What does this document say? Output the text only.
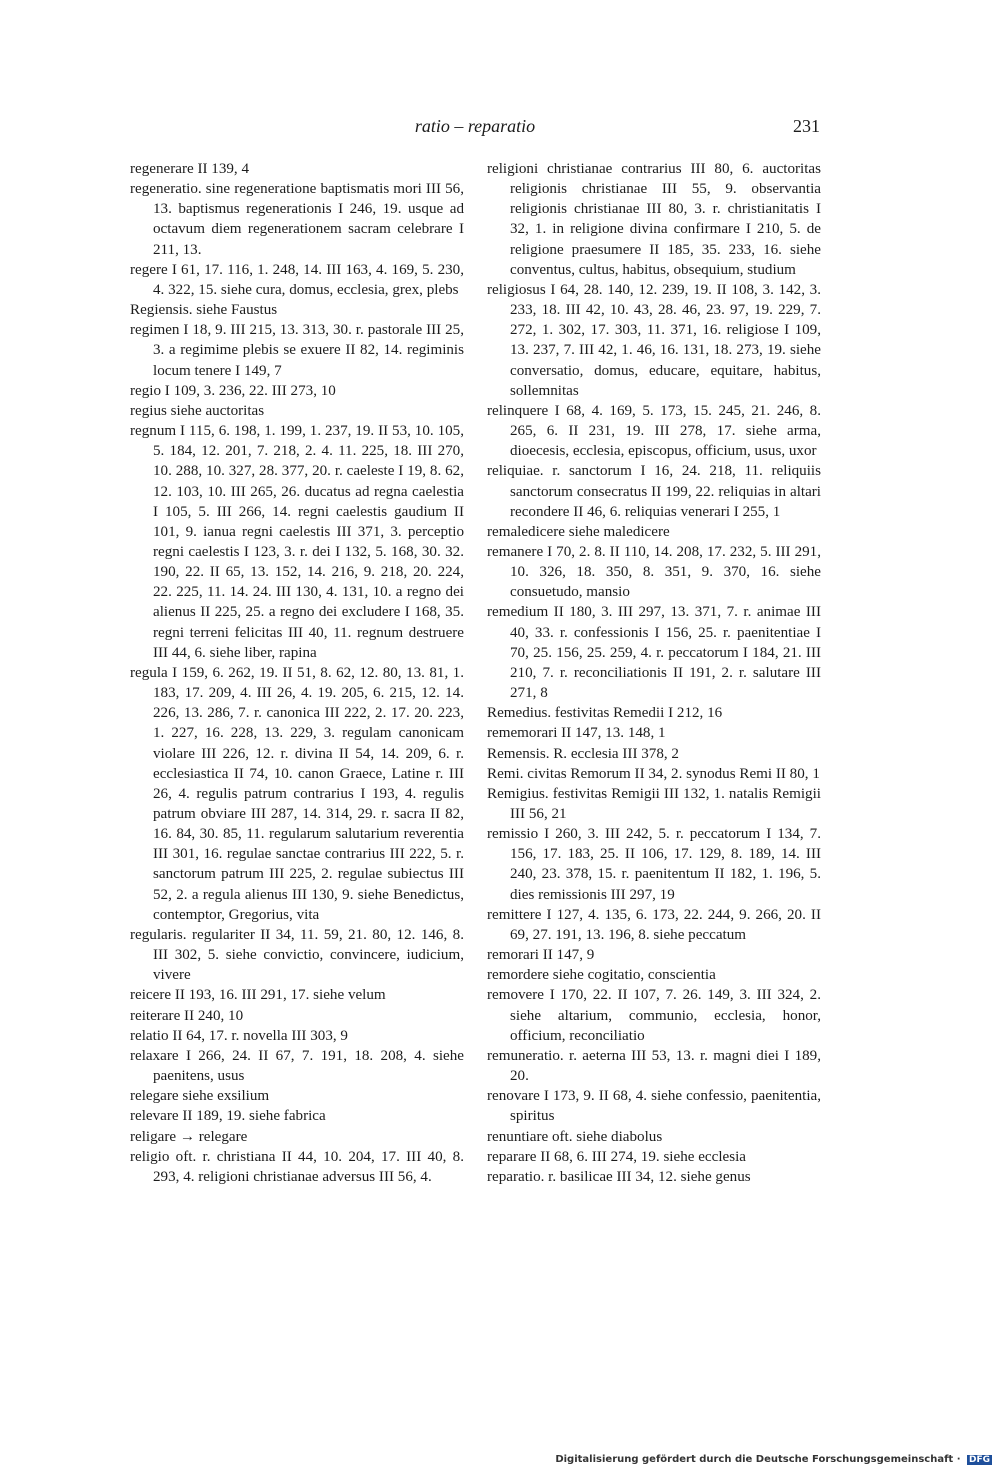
ratio – reparatio	231

regenerare II 139, 4

regeneratio. sine regeneratione baptismatis mori III 56, 13. baptismus regenerationis I 246, 19. usque ad octavum diem regenerationem sacram celebrare I 211, 13.

regere I 61, 17. 116, 1. 248, 14. III 163, 4. 169, 5. 230, 4. 322, 15. siehe cura, domus, ecclesia, grex, plebs

Regiensis. siehe Faustus

regimen I 18, 9. III 215, 13. 313, 30. r. pastorale III 25, 3. a regimime plebis se exuere II 82, 14. regiminis locum tenere I 149, 7

regio I 109, 3. 236, 22. III 273, 10

regius siehe auctoritas

regnum I 115, 6. 198, 1. 199, 1. 237, 19. II 53, 10. 105, 5. 184, 12. 201, 7. 218, 2. 4. 11. 225, 18. III 270, 10. 288, 10. 327, 28. 377, 20. r. caeleste I 19, 8. 62, 12. 103, 10. III 265, 26. ducatus ad regna caelestia I 105, 5. III 266, 14. regni caelestis gaudium II 101, 9. ianua regni caelestis III 371, 3. perceptio regni caelestis I 123, 3. r. dei I 132, 5. 168, 30. 32. 190, 22. II 65, 13. 152, 14. 216, 9. 218, 20. 224, 22. 225, 11. 14. 24. III 130, 4. 131, 10. a regno dei alienus II 225, 25. a regno dei excludere I 168, 35. regni terreni felicitas III 40, 11. regnum destruere III 44, 6. siehe liber, rapina

regula I 159, 6. 262, 19. II 51, 8. 62, 12. 80, 13. 81, 1. 183, 17. 209, 4. III 26, 4. 19. 205, 6. 215, 12. 14. 226, 13. 286, 7. r. canonica III 222, 2. 17. 20. 223, 1. 227, 16. 228, 13. 229, 3. regulam canonicam violare III 226, 12. r. divina II 54, 14. 209, 6. r. ecclesiastica II 74, 10. canon Graece, Latine r. III 26, 4. regulis patrum contrarius I 193, 4. regulis patrum obviare III 287, 14. 314, 29. r. sacra II 82, 16. 84, 30. 85, 11. regularum salutarium reverentia III 301, 16. regulae sanctae contrarius III 222, 5. r. sanctorum patrum III 225, 2. regulae subiectus III 52, 2. a regula alienus III 130, 9. siehe Benedictus, contemptor, Gregorius, vita

regularis. regulariter II 34, 11. 59, 21. 80, 12. 146, 8. III 302, 5. siehe convictio, convincere, iudicium, vivere

reicere II 193, 16. III 291, 17. siehe velum

reiterare II 240, 10

relatio II 64, 17. r. novella III 303, 9

relaxare I 266, 24. II 67, 7. 191, 18. 208, 4. siehe paenitens, usus

relegare siehe exsilium

relevare II 189, 19. siehe fabrica

religare → relegare

religio oft. r. christiana II 44, 10. 204, 17. III 40, 8. 293, 4. religioni christianae adversus III 56, 4.

religioni christianae contrarius III 80, 6. auctoritas religionis christianae III 55, 9. observantia religionis christianae III 80, 3. r. christianitatis I 32, 1. in religione divina confirmare I 210, 5. de religione praesumere II 185, 35. 233, 16. siehe conventus, cultus, habitus, obsequium, studium

religiosus I 64, 28. 140, 12. 239, 19. II 108, 3. 142, 3. 233, 18. III 42, 10. 43, 28. 46, 23. 97, 19. 229, 7. 272, 1. 302, 17. 303, 11. 371, 16. religiose I 109, 13. 237, 7. III 42, 1. 46, 16. 131, 18. 273, 19. siehe conversatio, domus, educare, equitare, habitus, sollemnitas

relinquere I 68, 4. 169, 5. 173, 15. 245, 21. 246, 8. 265, 6. II 231, 19. III 278, 17. siehe arma, dioecesis, ecclesia, episcopus, officium, usus, uxor

reliquiae. r. sanctorum I 16, 24. 218, 11. reliquiis sanctorum consecratus II 199, 22. reliquias in altari recondere II 46, 6. reliquias venerari I 255, 1

remaledicere siehe maledicere

remanere I 70, 2. 8. II 110, 14. 208, 17. 232, 5. III 291, 10. 326, 18. 350, 8. 351, 9. 370, 16. siehe consuetudo, mansio

remedium II 180, 3. III 297, 13. 371, 7. r. animae III 40, 33. r. confessionis I 156, 25. r. paenitentiae I 70, 25. 156, 25. 259, 4. r. peccatorum I 184, 21. III 210, 7. r. reconciliationis II 191, 2. r. salutare III 271, 8

Remedius. festivitas Remedii I 212, 16

rememorari II 147, 13. 148, 1

Remensis. R. ecclesia III 378, 2

Remi. civitas Remorum II 34, 2. synodus Remi II 80, 1

Remigius. festivitas Remigii III 132, 1. natalis Remigii III 56, 21

remissio I 260, 3. III 242, 5. r. peccatorum I 134, 7. 156, 17. 183, 25. II 106, 17. 129, 8. 189, 14. III 240, 23. 378, 15. r. paenitentum II 182, 1. 196, 5. dies remissionis III 297, 19

remittere I 127, 4. 135, 6. 173, 22. 244, 9. 266, 20. II 69, 27. 191, 13. 196, 8. siehe peccatum

remorari II 147, 9

remordere siehe cogitatio, conscientia

removere I 170, 22. II 107, 7. 26. 149, 3. III 324, 2. siehe altarium, communio, ecclesia, honor, officium, reconciliatio

remuneratio. r. aeterna III 53, 13. r. magni diei I 189, 20.

renovare I 173, 9. II 68, 4. siehe confessio, paenitentia, spiritus

renuntiare oft. siehe diabolus

reparare II 68, 6. III 274, 19. siehe ecclesia

reparatio. r. basilicae III 34, 12. siehe genus

Digitalisierung gefördert durch die Deutsche Forschungsgemeinschaft · DFG
